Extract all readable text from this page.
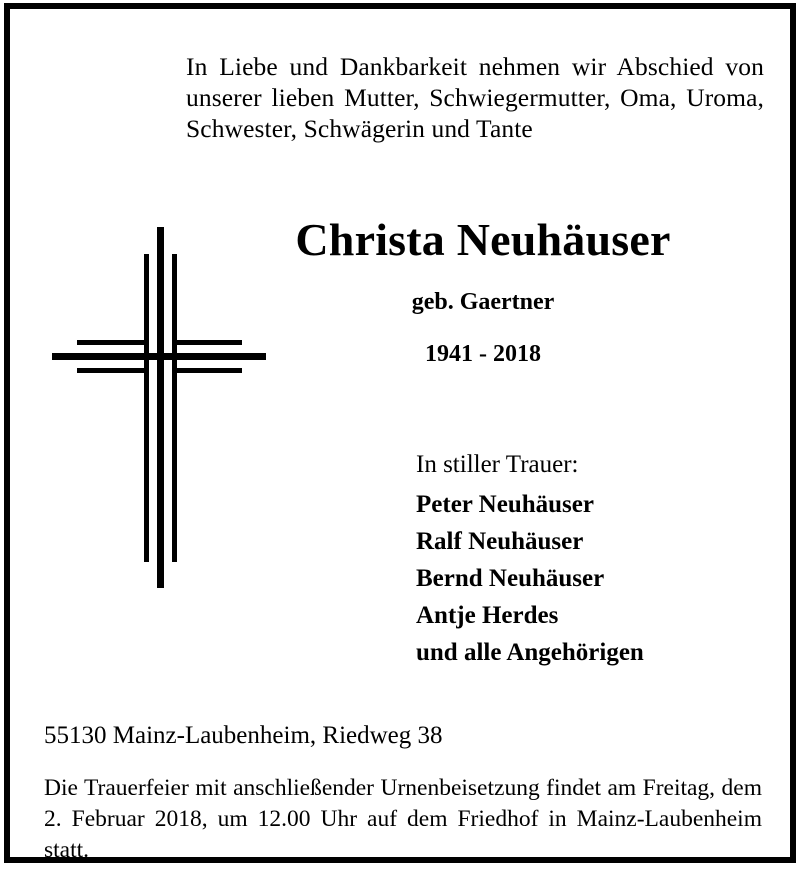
In Liebe und Dankbarkeit nehmen wir Abschied von unserer lieben Mutter, Schwiegermutter, Oma, Uroma, Schwester, Schwägerin und Tante
Christa Neuhäuser
geb. Gaertner
1941 - 2018
In stiller Trauer:
Peter Neuhäuser
Ralf Neuhäuser
Bernd Neuhäuser
Antje Herdes
und alle Angehörigen
55130 Mainz-Laubenheim, Riedweg 38
Die Trauerfeier mit anschließender Urnenbeisetzung findet am Freitag, dem 2. Februar 2018, um 12.00 Uhr auf dem Friedhof in Mainz-Laubenheim statt.
